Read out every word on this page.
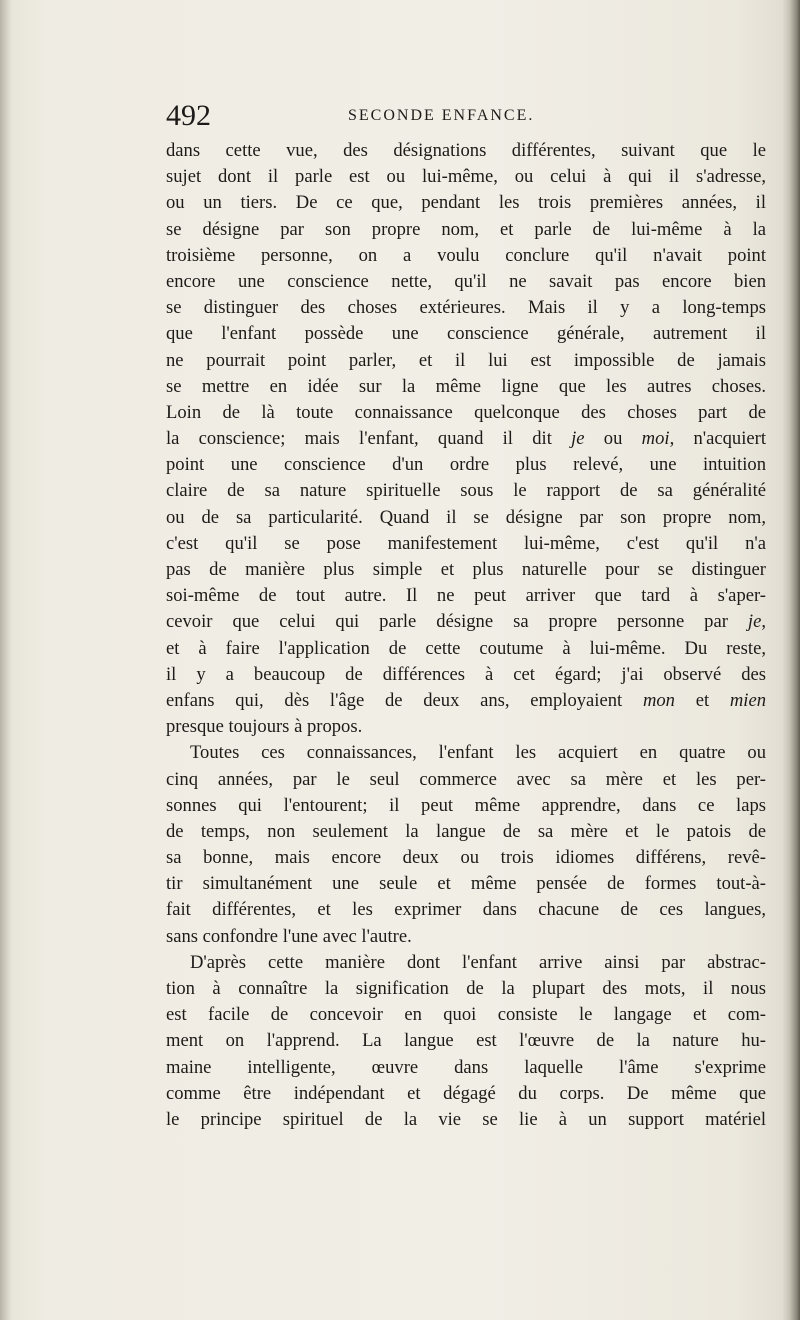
492	SECONDE ENFANCE.
dans cette vue, des désignations différentes, suivant que le
sujet dont il parle est ou lui-même, ou celui à qui il s'adresse,
ou un tiers. De ce que, pendant les trois premières années, il
se désigne par son propre nom, et parle de lui-même à la
troisième personne, on a voulu conclure qu'il n'avait point
encore une conscience nette, qu'il ne savait pas encore bien
se distinguer des choses extérieures. Mais il y a long-temps
que l'enfant possède une conscience générale, autrement il
ne pourrait point parler, et il lui est impossible de jamais
se mettre en idée sur la même ligne que les autres choses.
Loin de là toute connaissance quelconque des choses part de
la conscience; mais l'enfant, quand il dit je ou moi, n'acquiert
point une conscience d'un ordre plus relevé, une intuition
claire de sa nature spirituelle sous le rapport de sa généralité
ou de sa particularité. Quand il se désigne par son propre nom,
c'est qu'il se pose manifestement lui-même, c'est qu'il n'a
pas de manière plus simple et plus naturelle pour se distinguer
soi-même de tout autre. Il ne peut arriver que tard à s'aper-
cevoir que celui qui parle désigne sa propre personne par je,
et à faire l'application de cette coutume à lui-même. Du reste,
il y a beaucoup de différences à cet égard; j'ai observé des
enfans qui, dès l'âge de deux ans, employaient mon et mien
presque toujours à propos.
Toutes ces connaissances, l'enfant les acquiert en quatre ou
cinq années, par le seul commerce avec sa mère et les per-
sonnes qui l'entourent; il peut même apprendre, dans ce laps
de temps, non seulement la langue de sa mère et le patois de
sa bonne, mais encore deux ou trois idiomes différens, revê-
tir simultanément une seule et même pensée de formes tout-à-
fait différentes, et les exprimer dans chacune de ces langues,
sans confondre l'une avec l'autre.
D'après cette manière dont l'enfant arrive ainsi par abstrac-
tion à connaître la signification de la plupart des mots, il nous
est facile de concevoir en quoi consiste le langage et com-
ment on l'apprend. La langue est l'œuvre de la nature hu-
maine intelligente, œuvre dans laquelle l'âme s'exprime
comme être indépendant et dégagé du corps. De même que
le principe spirituel de la vie se lie à un support matériel
